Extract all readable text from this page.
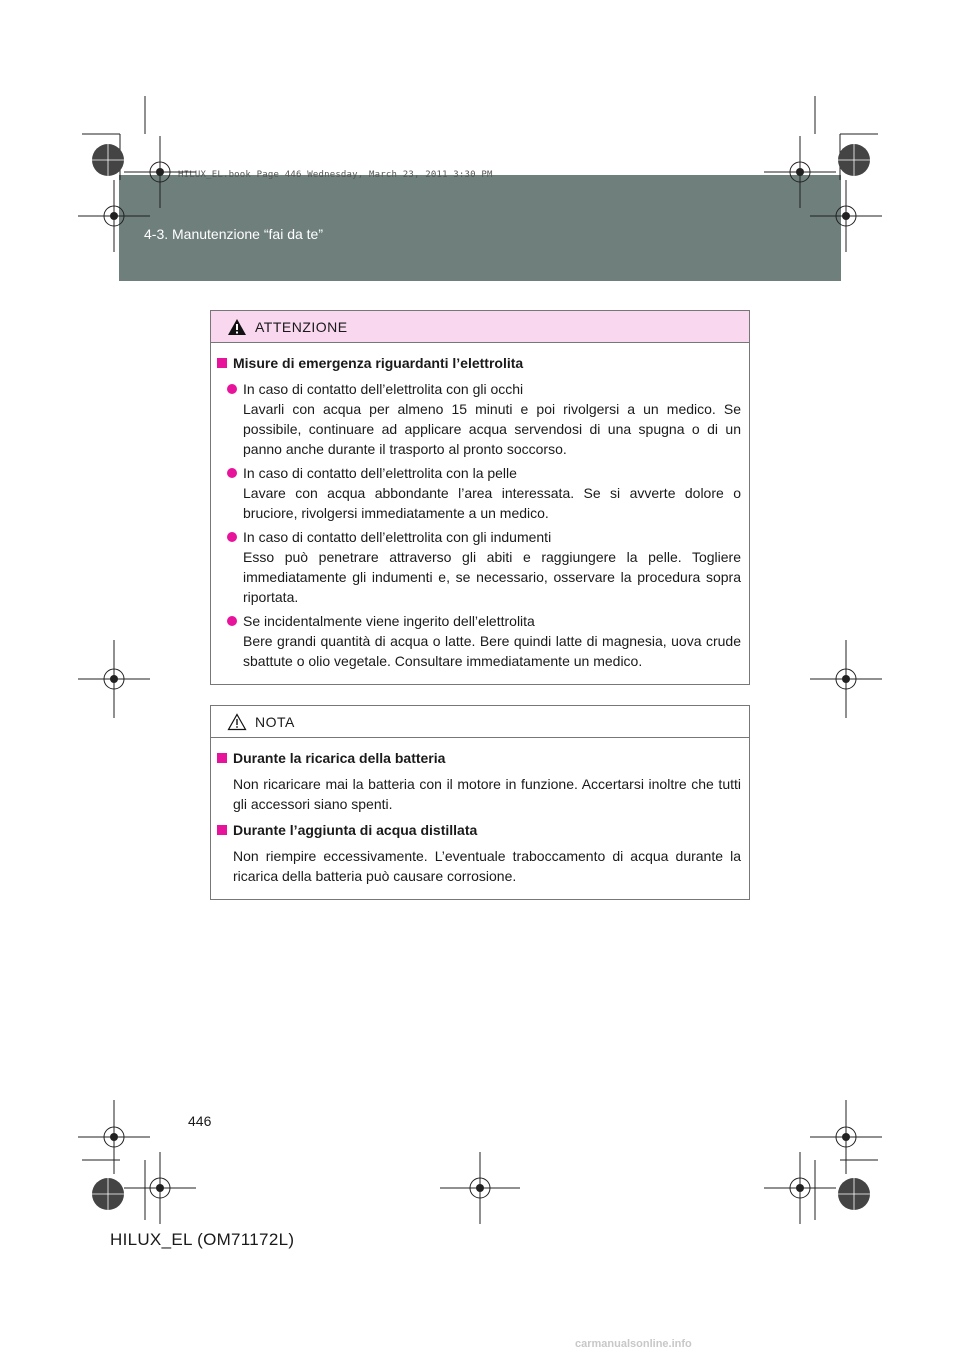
HILUX_EL.book Page 446 Wednesday, March 23, 2011 3:30 PM
4-3. Manutenzione “fai da te”
ATTENZIONE
Misure di emergenza riguardanti l’elettrolita
In caso di contatto dell’elettrolita con gli occhi
Lavarli con acqua per almeno 15 minuti e poi rivolgersi a un medico. Se possibile, continuare ad applicare acqua servendosi di una spugna o di un panno anche durante il trasporto al pronto soccorso.
In caso di contatto dell’elettrolita con la pelle
Lavare con acqua abbondante l’area interessata. Se si avverte dolore o bruciore, rivolgersi immediatamente a un medico.
In caso di contatto dell’elettrolita con gli indumenti
Esso può penetrare attraverso gli abiti e raggiungere la pelle. Togliere immediatamente gli indumenti e, se necessario, osservare la procedura sopra riportata.
Se incidentalmente viene ingerito dell’elettrolita
Bere grandi quantità di acqua o latte. Bere quindi latte di magnesia, uova crude sbattute o olio vegetale. Consultare immediatamente un medico.
NOTA
Durante la ricarica della batteria
Non ricaricare mai la batteria con il motore in funzione. Accertarsi inoltre che tutti gli accessori siano spenti.
Durante l’aggiunta di acqua distillata
Non riempire eccessivamente. L’eventuale traboccamento di acqua durante la ricarica della batteria può causare corrosione.
446
HILUX_EL (OM71172L)
carmanualsonline.info
